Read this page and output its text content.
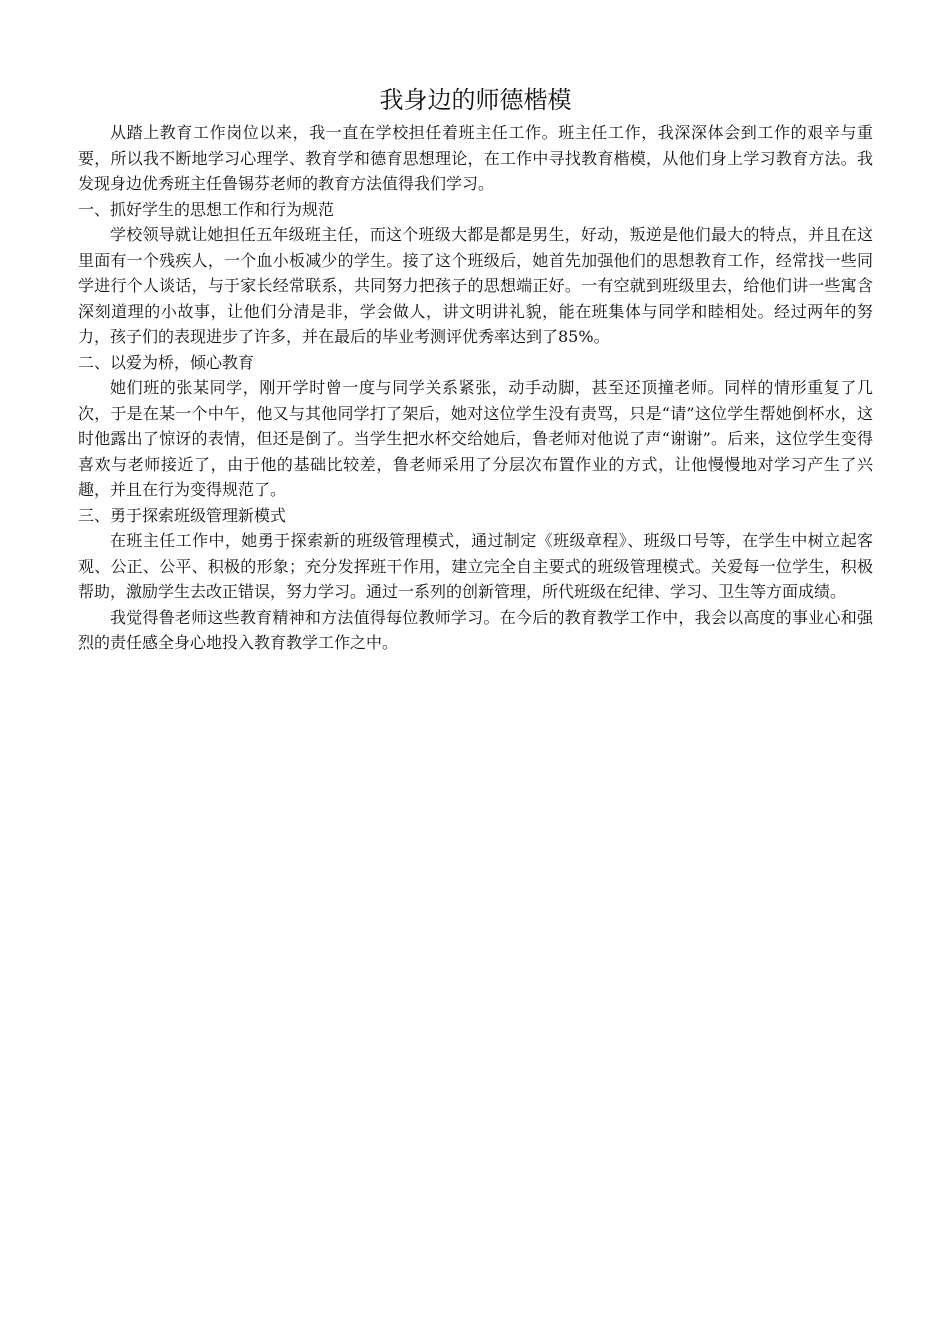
我身边的师德楷模

从踏上教育工作岗位以来，我一直在学校担任着班主任工作。班主任工作，我深深体会到工作的艰辛与重要，所以我不断地学习心理学、教育学和德育思想理论，在工作中寻找教育楷模，从他们身上学习教育方法。我发现身边优秀班主任鲁锡芬老师的教育方法值得我们学习。

一、抓好学生的思想工作和行为规范

学校领导就让她担任五年级班主任，而这个班级大都是都是男生，好动，叛逆是他们最大的特点，并且在这里面有一个残疾人，一个血小板减少的学生。接了这个班级后，她首先加强他们的思想教育工作，经常找一些同学进行个人谈话，与于家长经常联系，共同努力把孩子的思想端正好。一有空就到班级里去，给他们讲一些寓含深刻道理的小故事，让他们分清是非，学会做人，讲文明讲礼貌，能在班集体与同学和睦相处。经过两年的努力，孩子们的表现进步了许多，并在最后的毕业考测评优秀率达到了85%。

二、以爱为桥，倾心教育

她们班的张某同学，刚开学时曾一度与同学关系紧张，动手动脚，甚至还顶撞老师。同样的情形重复了几次，于是在某一个中午，他又与其他同学打了架后，她对这位学生没有责骂，只是“请”这位学生帮她倒杯水，这时他露出了惊讶的表情，但还是倒了。当学生把水杯交给她后，鲁老师对他说了声“谢谢”。后来，这位学生变得喜欢与老师接近了，由于他的基础比较差，鲁老师采用了分层次布置作业的方式，让他慢慢地对学习产生了兴趣，并且在行为变得规范了。

三、勇于探索班级管理新模式

在班主任工作中，她勇于探索新的班级管理模式，通过制定《班级章程》、班级口号等，在学生中树立起客观、公正、公平、积极的形象；充分发挥班干作用，建立完全自主要式的班级管理模式。关爱每一位学生，积极帮助，激励学生去改正错误，努力学习。通过一系列的创新管理，所代班级在纪律、学习、卫生等方面成绩。

我觉得鲁老师这些教育精神和方法值得每位教师学习。在今后的教育教学工作中，我会以高度的事业心和强烈的责任感全身心地投入教育教学工作之中。
